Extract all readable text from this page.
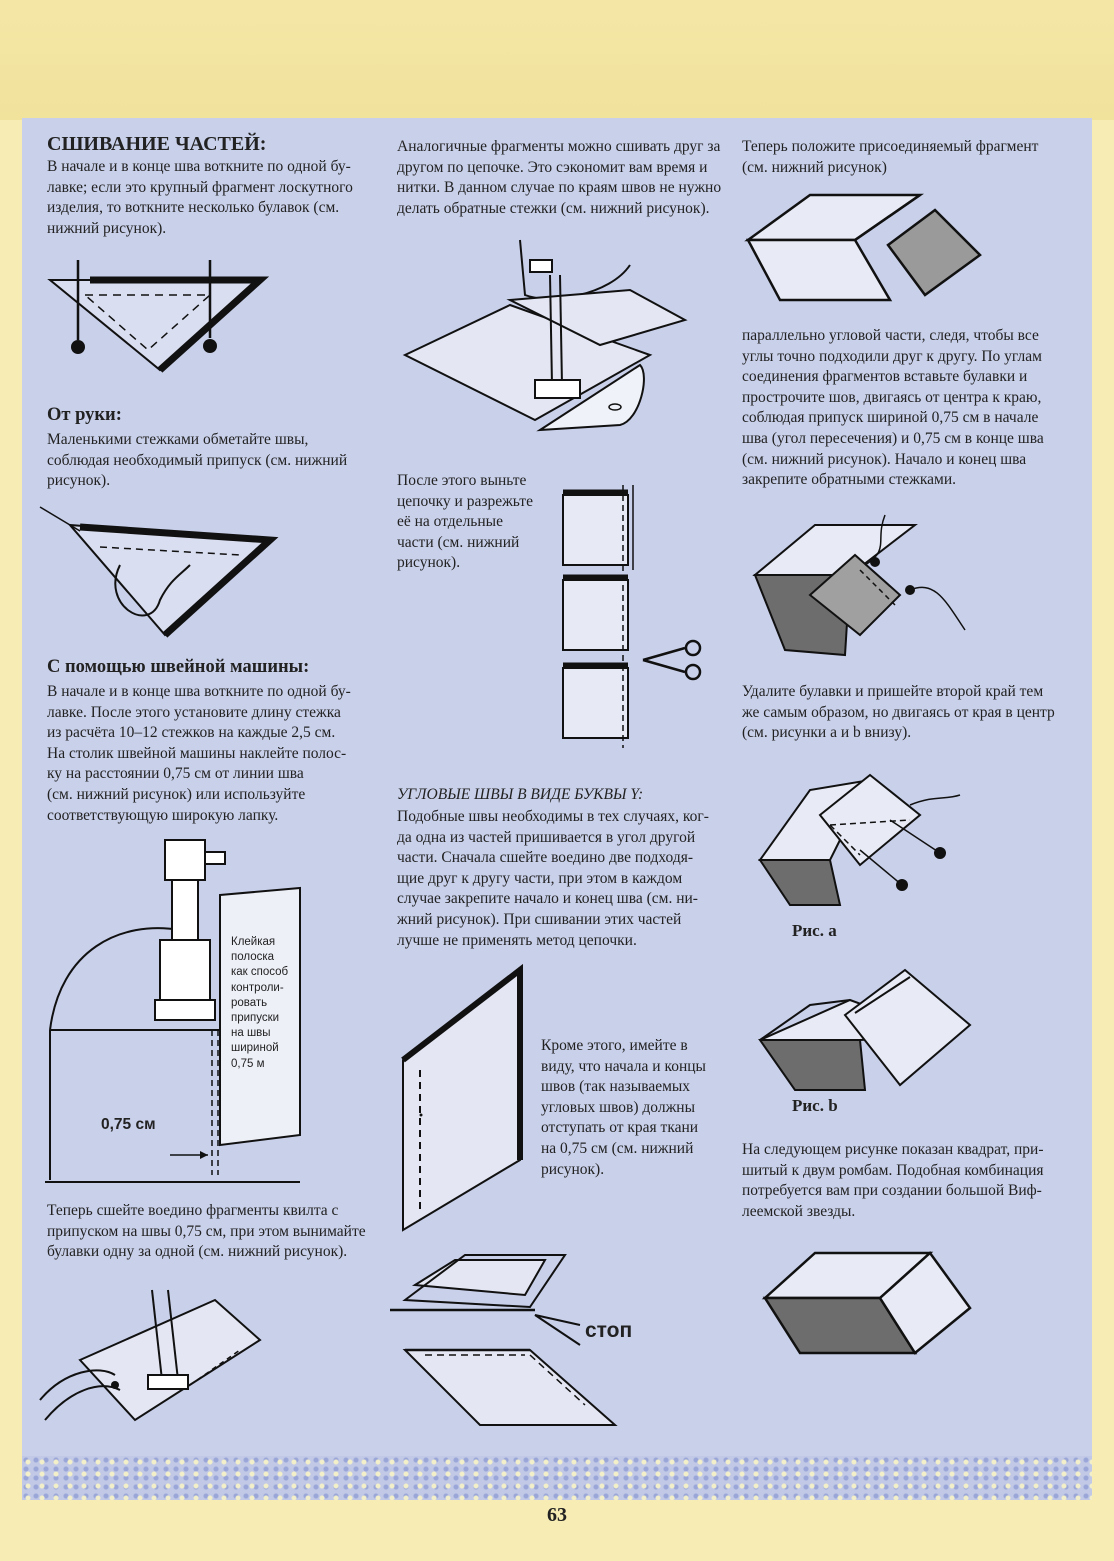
СШИВАНИЕ ЧАСТЕЙ:
В начале и в конце шва воткните по одной бу-
лавке; если это крупный фрагмент лоскутного
изделия, то воткните несколько булавок (см.
нижний рисунок).
От руки:
Маленькими стежками обметайте швы,
соблюдая необходимый припуск (см. нижний
рисунок).
С помощью швейной машины:
В начале и в конце шва воткните по одной бу-
лавке. После этого установите длину стежка
из расчёта 10–12 стежков на каждые 2,5 см.
На столик швейной машины наклейте полос-
ку на расстоянии 0,75 см от линии шва
(см. нижний рисунок) или используйте
соответствующую широкую лапку.
Клейкая
полоска
как способ
контроли-
ровать
припуски
на швы
шириной
0,75 м
0,75 см
Теперь сшейте воедино фрагменты квилта с
припуском на швы 0,75 см, при этом вынимайте
булавки одну за одной (см. нижний рисунок).
Аналогичные фрагменты можно сшивать друг за
другом по цепочке. Это сэкономит вам время и
нитки. В данном случае по краям швов не нужно
делать обратные стежки (см. нижний рисунок).
После этого выньте
цепочку и разрежьте
её на отдельные
части (см. нижний
рисунок).
УГЛОВЫЕ ШВЫ В ВИДЕ БУКВЫ Y:
Подобные швы необходимы в тех случаях, ког-
да одна из частей пришивается в угол другой
части. Сначала сшейте воедино две подходя-
щие друг к другу части, при этом в каждом
случае закрепите начало и конец шва (см. ни-
жний рисунок). При сшивании этих частей
лучше не применять метод цепочки.
Кроме этого, имейте в
виду, что начала и концы
швов (так называемых
угловых швов) должны
отступать от края ткани
на 0,75 см (см. нижний
рисунок).
стоп
Теперь положите присоединяемый фрагмент
(см. нижний рисунок)
параллельно угловой части, следя, чтобы все
углы точно подходили друг к другу. По углам
соединения фрагментов вставьте булавки и
прострочите шов, двигаясь от центра к краю,
соблюдая припуск шириной 0,75 см в начале
шва (угол пересечения) и 0,75 см в конце шва
(см. нижний рисунок). Начало и конец шва
закрепите обратными стежками.
Удалите булавки и пришейте второй край тем
же самым образом, но двигаясь от края в центр
(см. рисунки а и b внизу).
Рис. а
Рис. b
На следующем рисунке показан квадрат, при-
шитый к двум ромбам. Подобная комбинация
потребуется вам при создании большой Виф-
леемской звезды.
63
